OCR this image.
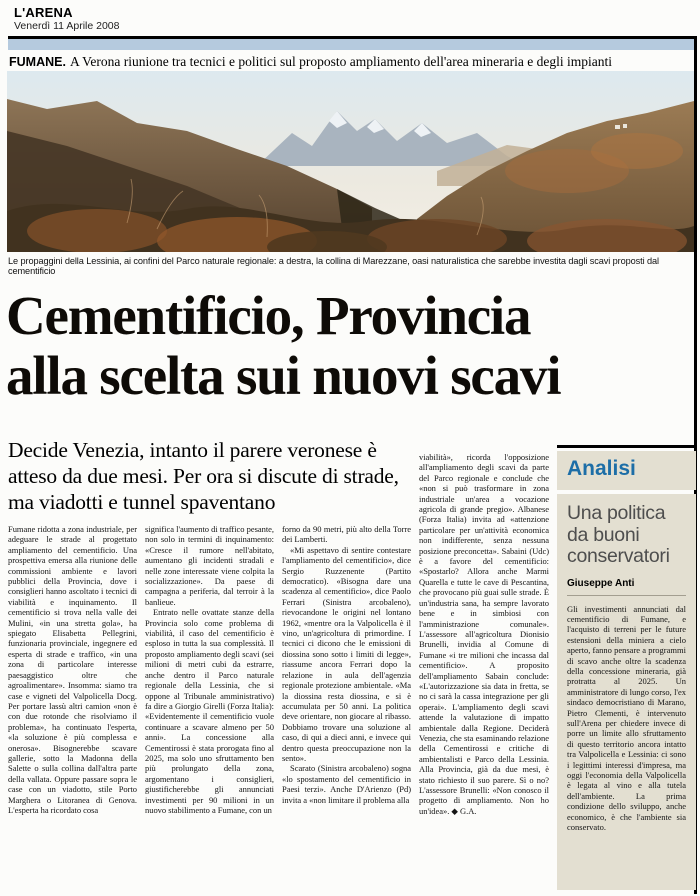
L'ARENA
Venerdì 11 Aprile 2008
FUMANE. A Verona riunione tra tecnici e politici sul proposto ampliamento dell'area mineraria e degli impianti
Le propaggini della Lessinia, ai confini del Parco naturale regionale: a destra, la collina di Marezzane, oasi naturalistica che sarebbe investita dagli scavi proposti dal cementificio
Cementificio, Provincia
alla scelta sui nuovi scavi
Decide Venezia, intanto il parere veronese è atteso da due mesi. Per ora si discute di strade, ma viadotti e tunnel spaventano

Fumane ridotta a zona industriale, per adeguare le strade al progettato ampliamento del cementificio. Una prospettiva emersa alla riunione delle commissioni ambiente e lavori pubblici della Provincia, dove i consiglieri hanno ascoltato i tecnici di viabilità e inquinamento. Il cementificio si trova nella valle dei Mulini, «in una stretta gola», ha spiegato Elisabetta Pellegrini, funzionaria provinciale, ingegnere ed esperta di strade e traffico, «in una zona di particolare interesse paesaggistico oltre che agroalimentare». Insomma: siamo tra case e vigneti del Valpolicella Docg. Per portare lassù altri camion «non è con due rotonde che risolviamo il problema», ha continuato l'esperta, «la soluzione è più complessa e onerosa». Bisognerebbe scavare gallerie, sotto la Madonna della Salette o sulla collina dall'altra parte della vallata. Oppure passare sopra le case con un viadotto, stile Porto Marghera o Litoranea di Genova. L'esperta ha ricordato cosa

significa l'aumento di traffico pesante, non solo in termini di inquinamento: «Cresce il rumore nell'abitato, aumentano gli incidenti stradali e nelle zone interessate viene colpita la socializzazione». Da paese di campagna a periferia, dal terroir à la banlieue.

Entrato nelle ovattate stanze della Provincia solo come problema di viabilità, il caso del cementificio è esploso in tutta la sua complessità. Il proposto ampliamento degli scavi (sei milioni di metri cubi da estrarre, anche dentro il Parco naturale regionale della Lessinia, che si oppone al Tribunale amministrativo) fa dire a Giorgio Girelli (Forza Italia): «Evidentemente il cementificio vuole continuare a scavare almeno per 50 anni». La concessione alla Cementirossi è stata prorogata fino al 2025, ma solo uno sfruttamento ben più prolungato della zona, argomentano i consiglieri, giustificherebbe gli annunciati investimenti per 90 milioni in un nuovo stabilimento a Fumane, con un

forno da 90 metri, più alto della Torre dei Lamberti.

«Mi aspettavo di sentire contestare l'ampliamento del cementificio», dice Sergio Ruzzenente (Partito democratico). «Bisogna dare una scadenza al cementificio», dice Paolo Ferrari (Sinistra arcobaleno), rievocandone le origini nel lontano 1962, «mentre ora la Valpolicella è il vino, un'agricoltura di primordine. I tecnici ci dicono che le emissioni di diossina sono sotto i limiti di legge», riassume ancora Ferrari dopo la relazione in aula dell'agenzia regionale protezione ambientale. «Ma la diossina resta diossina, e si è accumulata per 50 anni. La politica deve orientare, non giocare al ribasso. Dobbiamo trovare una soluzione al caso, di qui a dieci anni, e invece qui dentro questa preoccupazione non la sento».

Scarato (Sinistra arcobaleno) sogna «lo spostamento del cementificio in Paesi terzi». Anche D'Arienzo (Pd) invita a «non limitare il problema alla

viabilità», ricorda l'opposizione all'ampliamento degli scavi da parte del Parco regionale e conclude che «non si può trasformare in zona industriale un'area a vocazione agricola di grande pregio». Albanese (Forza Italia) invita ad «attenzione particolare per un'attività economica non indifferente, senza nessuna posizione preconcetta». Sabaini (Udc) è a favore del cementificio: «Spostarlo? Allora anche Marmi Quarella e tutte le cave di Pescantina, che provocano più guai sulle strade. È un'industria sana, ha sempre lavorato bene e in simbiosi con l'amministrazione comunale». L'assessore all'agricoltura Dionisio Brunelli, invidia al Comune di Fumane «i tre milioni che incassa dal cementificio». A proposito dell'ampliamento Sabain conclude: «L'autorizzazione sia data in fretta, se no ci sarà la cassa integrazione per gli operai». L'ampliamento degli scavi attende la valutazione di impatto ambientale dalla Regione. Deciderà Venezia, che sta esaminando relazione della Cementirossi e critiche di ambientalisti e Parco della Lessinia. Alla Provincia, già da due mesi, è stato richiesto il suo parere. Sì o no? L'assessore Brunelli: «Non conosco il progetto di ampliamento. Non ho un'idea». ◆ G.A.

Analisi
Una politica da buoni conservatori
Giuseppe Anti
Gli investimenti annunciati dal cementificio di Fumane, e l'acquisto di terreni per le future estensioni della miniera a cielo aperto, fanno pensare a programmi di scavo anche oltre la scadenza della concessione mineraria, già protratta al 2025. Un amministratore di lungo corso, l'ex sindaco democristiano di Marano, Pietro Clementi, è intervenuto sull'Arena per chiedere invece di porre un limite allo sfruttamento di questo territorio ancora intatto tra Valpolicella e Lessinia: ci sono i legittimi interessi d'impresa, ma oggi l'economia della Valpolicella è legata al vino e alla tutela dell'ambiente. La prima condizione dello sviluppo, anche economico, è che l'ambiente sia conservato.
